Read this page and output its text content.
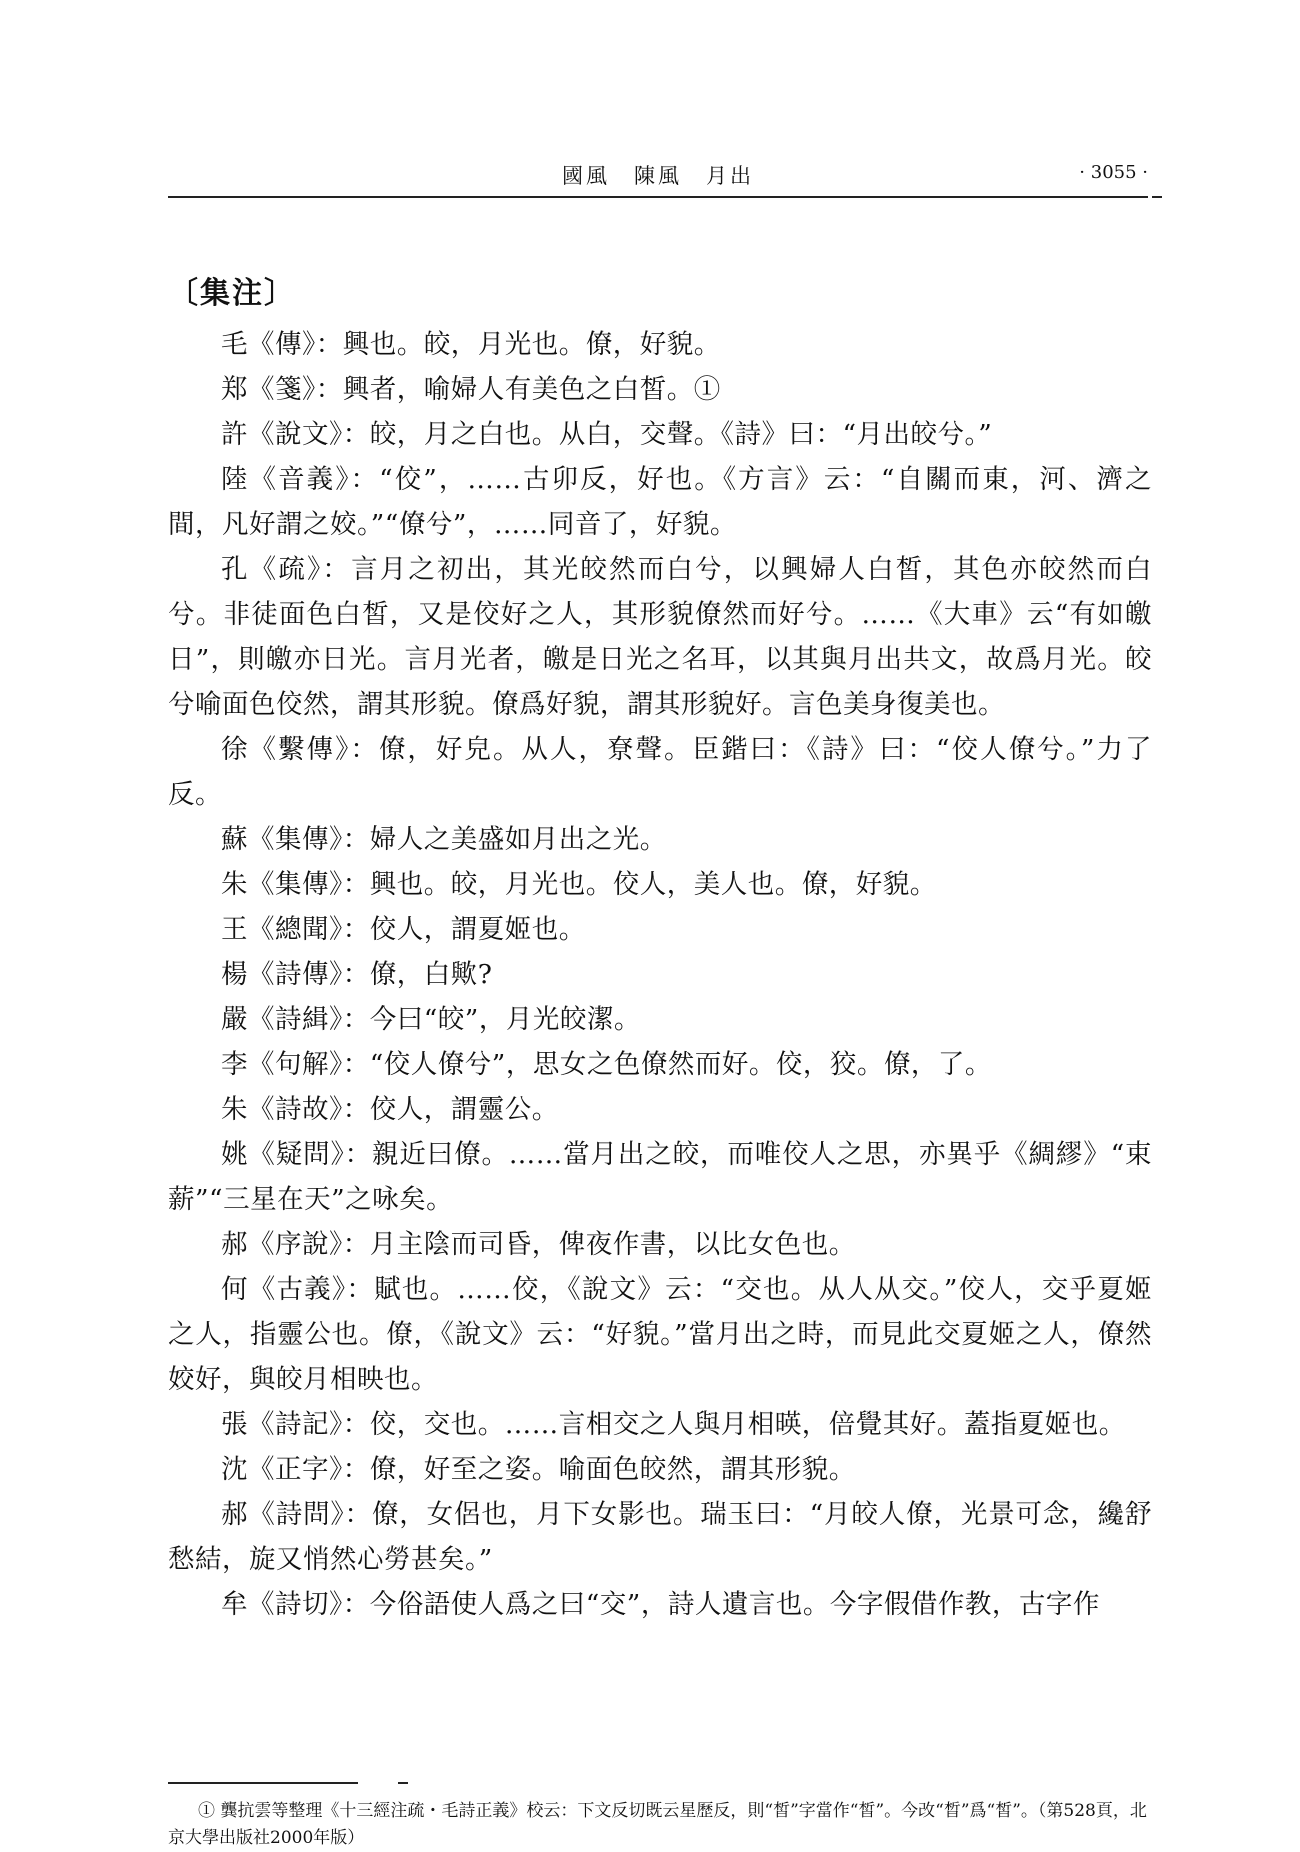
國風　陳風　月出	· 3055 ·
〔集注〕

毛《傳》：興也。皎，月光也。僚，好貌。

郑《箋》：興者，喻婦人有美色之白皙。①

許《說文》：皎，月之白也。从白，交聲。《詩》曰：“月出皎兮。”

陸《音義》：“佼”，……古卯反，好也。《方言》云：“自關而東，河、濟之間，凡好謂之姣。”“僚兮”，……同音了，好貌。

孔《疏》：言月之初出，其光皎然而白兮，以興婦人白皙，其色亦皎然而白兮。非徒面色白皙，又是佼好之人，其形貌僚然而好兮。……《大車》云“有如皦日”，則皦亦日光。言月光者，皦是日光之名耳，以其與月出共文，故爲月光。皎兮喻面色佼然，謂其形貌。僚爲好貌，謂其形貌好。言色美身復美也。

徐《繫傳》：僚，好皃。从人，尞聲。臣鍇曰：《詩》曰：“佼人僚兮。”力了反。

蘇《集傳》：婦人之美盛如月出之光。

朱《集傳》：興也。皎，月光也。佼人，美人也。僚，好貌。

王《總聞》：佼人，謂夏姬也。

楊《詩傳》：僚，白歟?

嚴《詩緝》：今曰“皎”，月光皎潔。

李《句解》：“佼人僚兮”，思女之色僚然而好。佼，狡。僚，了。

朱《詩故》：佼人，謂靈公。

姚《疑問》：親近曰僚。……當月出之皎，而唯佼人之思，亦異乎《綢繆》“束薪”“三星在天”之咏矣。

郝《序說》：月主陰而司昏，俾夜作書，以比女色也。

何《古義》：賦也。……佼，《說文》云：“交也。从人从交。”佼人，交乎夏姬之人，指靈公也。僚，《說文》云：“好貌。”當月出之時，而見此交夏姬之人，僚然姣好，與皎月相映也。

張《詩記》：佼，交也。……言相交之人與月相暎，倍覺其好。蓋指夏姬也。

沈《正字》：僚，好至之姿。喻面色皎然，謂其形貌。

郝《詩問》：僚，女侶也，月下女影也。瑞玉曰：“月皎人僚，光景可念，纔舒愁結，旋又悄然心勞甚矣。”

牟《詩切》：今俗語使人爲之曰“交”，詩人遺言也。今字假借作教，古字作

① 龔抗雲等整理《十三經注疏・毛詩正義》校云：下文反切既云星歷反，則“皙”字當作“皙”。今改“晳”爲“皙”。（第528頁，北京大學出版社2000年版）
